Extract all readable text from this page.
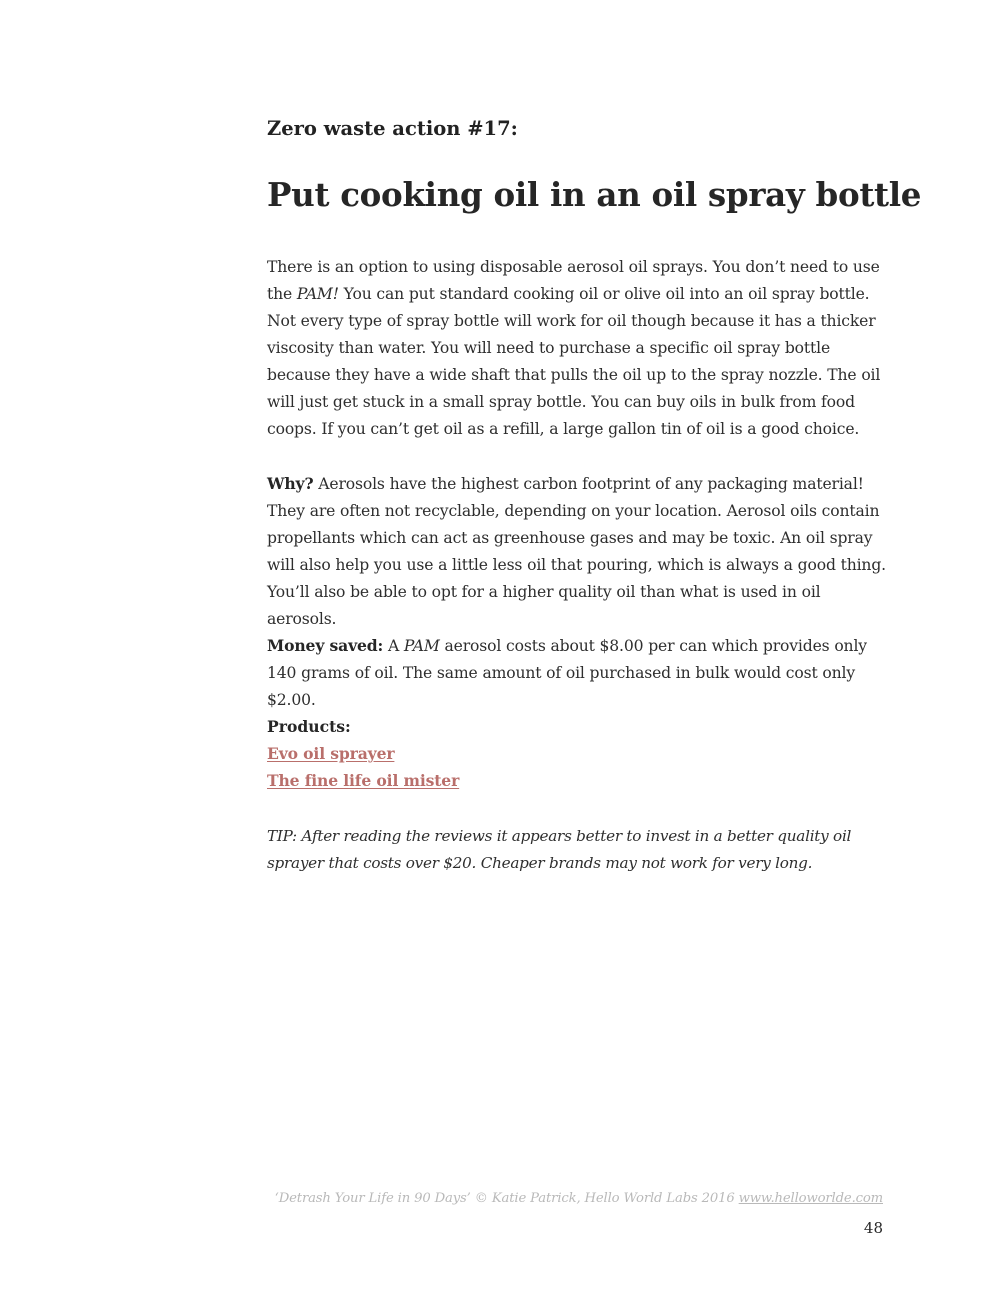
Zero waste action #17:
Put cooking oil in an oil spray bottle

There is an option to using disposable aerosol oil sprays. You don’t need to use the PAM! You can put standard cooking oil or olive oil into an oil spray bottle. Not every type of spray bottle will work for oil though because it has a thicker viscosity than water. You will need to purchase a specific oil spray bottle because they have a wide shaft that pulls the oil up to the spray nozzle. The oil will just get stuck in a small spray bottle. You can buy oils in bulk from food coops. If you can’t get oil as a refill, a large gallon tin of oil is a good choice.

Why? Aerosols have the highest carbon footprint of any packaging material! They are often not recyclable, depending on your location. Aerosol oils contain propellants which can act as greenhouse gases and may be toxic. An oil spray will also help you use a little less oil that pouring, which is always a good thing. You’ll also be able to opt for a higher quality oil than what is used in oil aerosols.

Money saved: A PAM aerosol costs about $8.00 per can which provides only 140 grams of oil. The same amount of oil purchased in bulk would cost only $2.00.

Products:
Evo oil sprayer
The fine life oil mister

TIP: After reading the reviews it appears better to invest in a better quality oil sprayer that costs over $20. Cheaper brands may not work for very long.

‘Detrash Your Life in 90 Days’ © Katie Patrick, Hello World Labs 2016 www.helloworlde.com
48
